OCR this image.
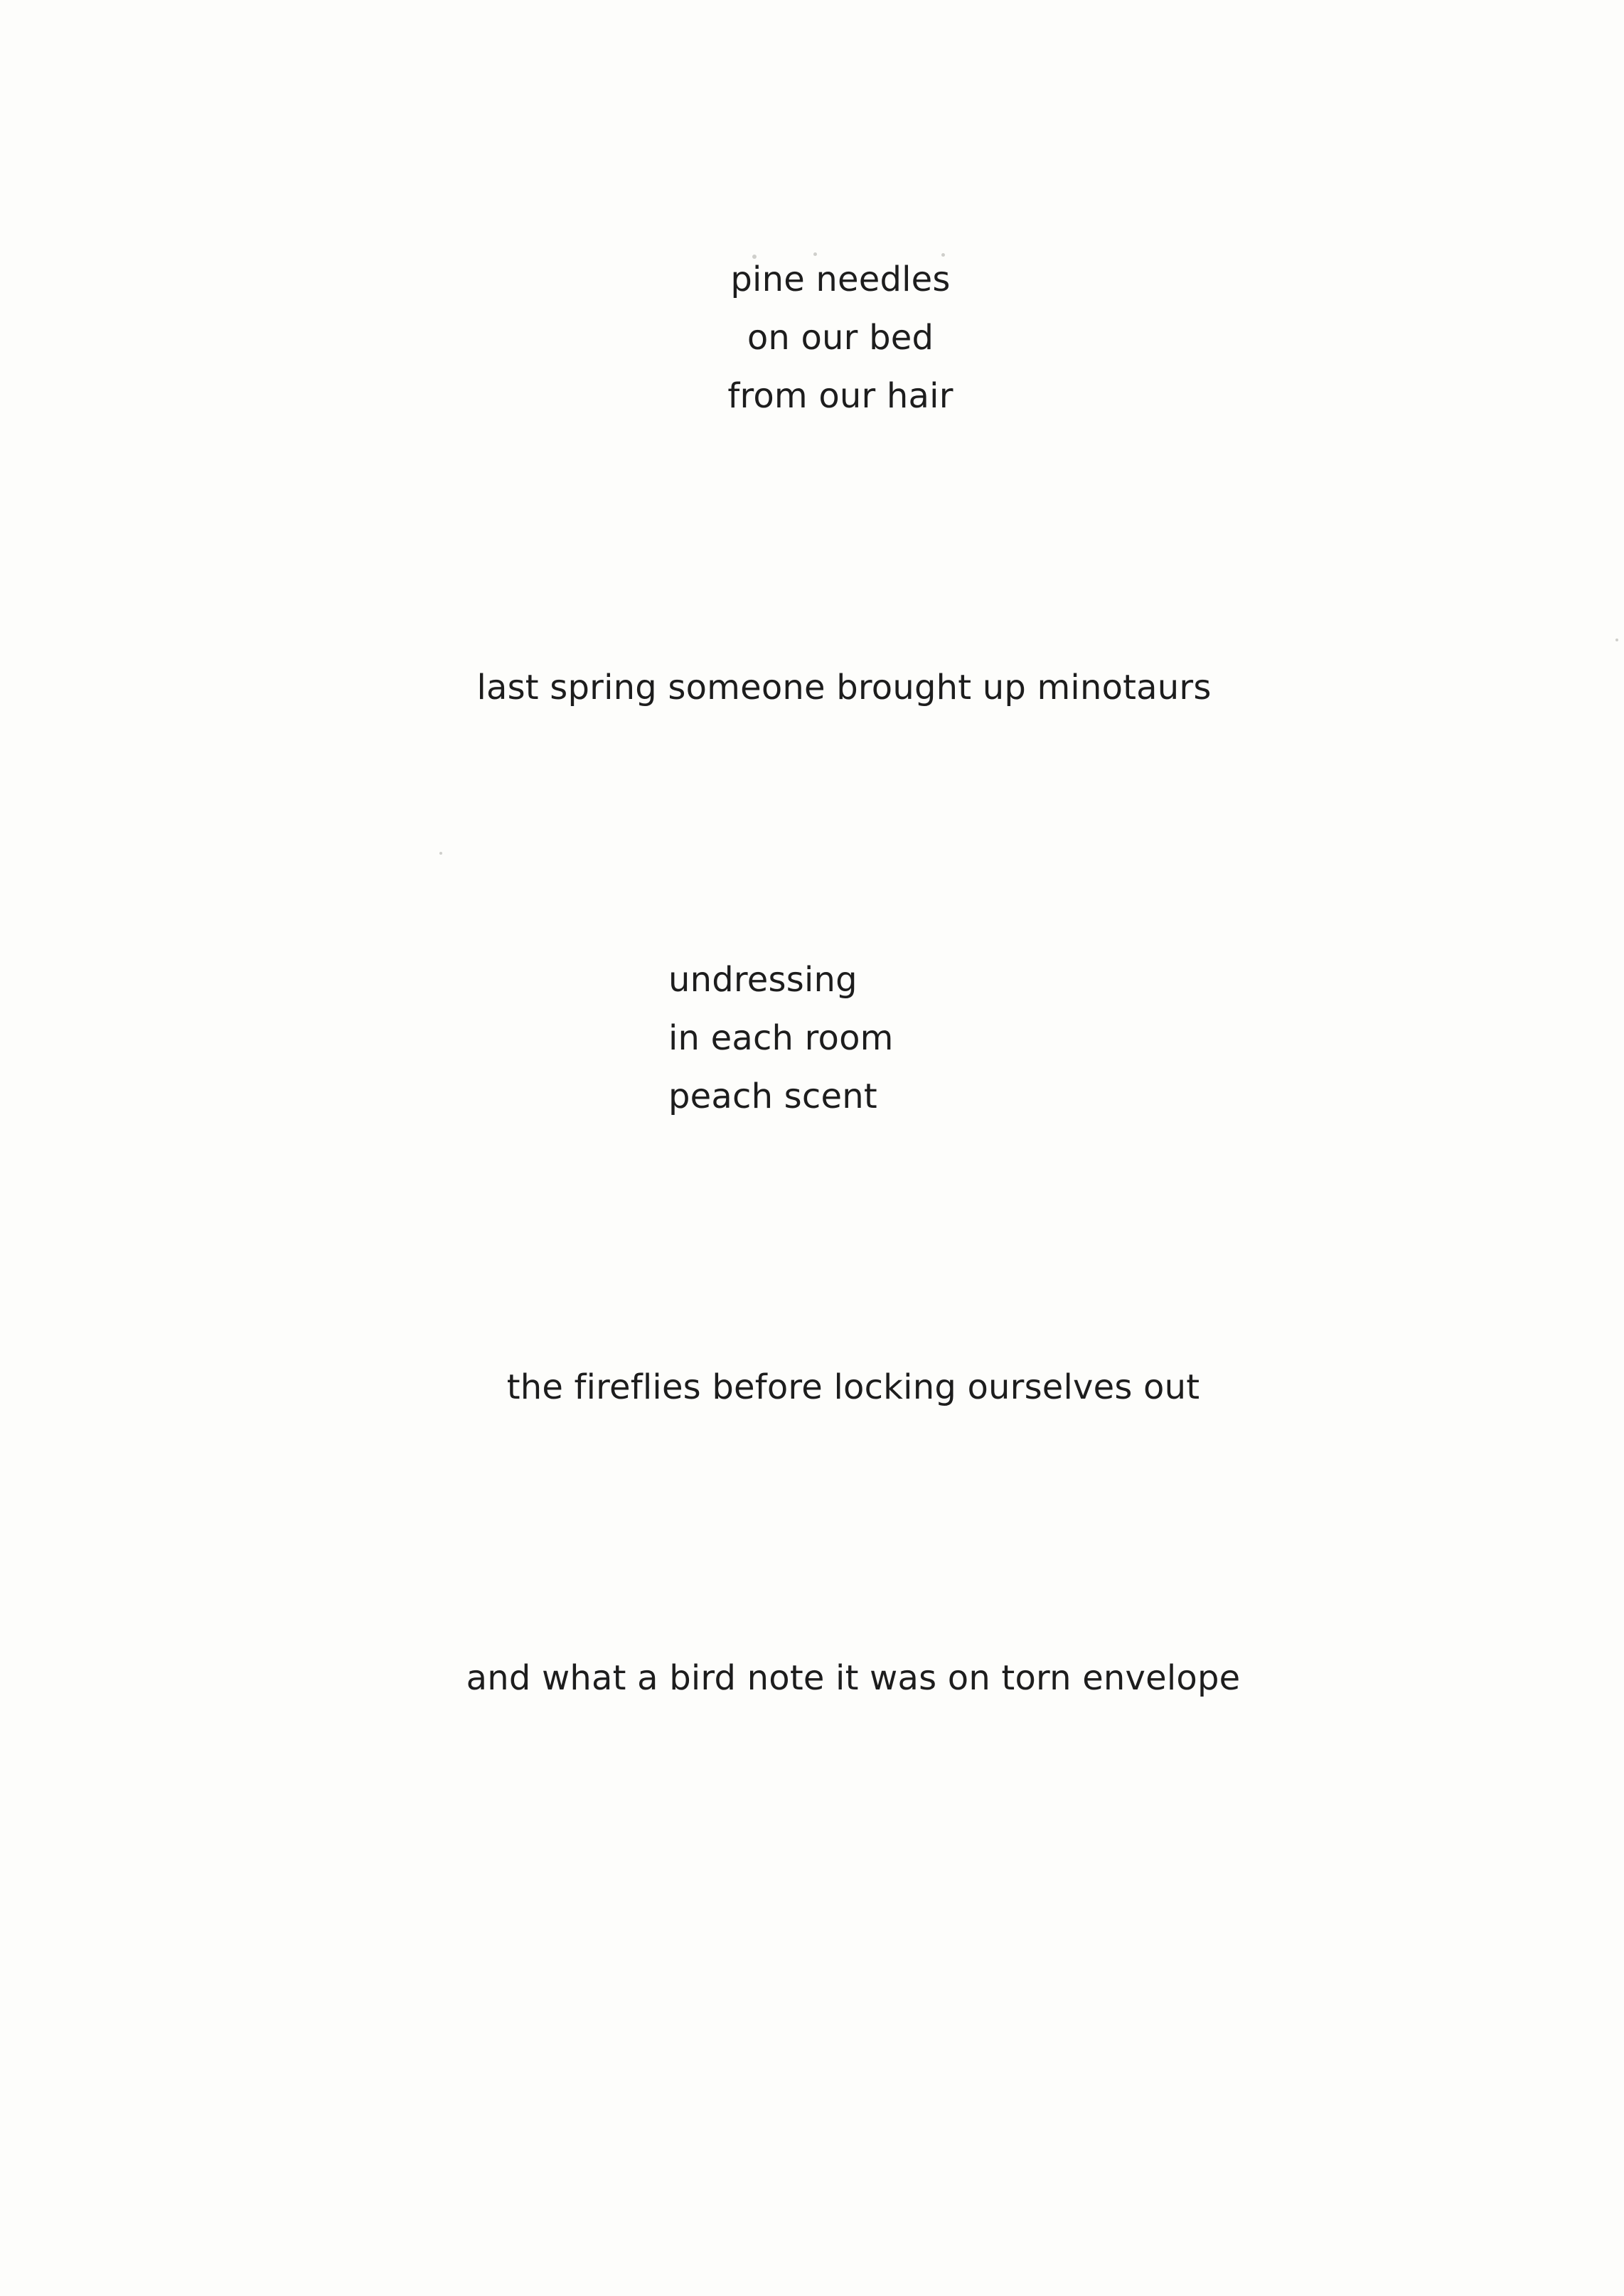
pine needles
on our bed
from our hair
last spring someone brought up minotaurs
undressing
in each room
peach scent
the fireflies before locking ourselves out
and what a bird note it was on torn envelope
